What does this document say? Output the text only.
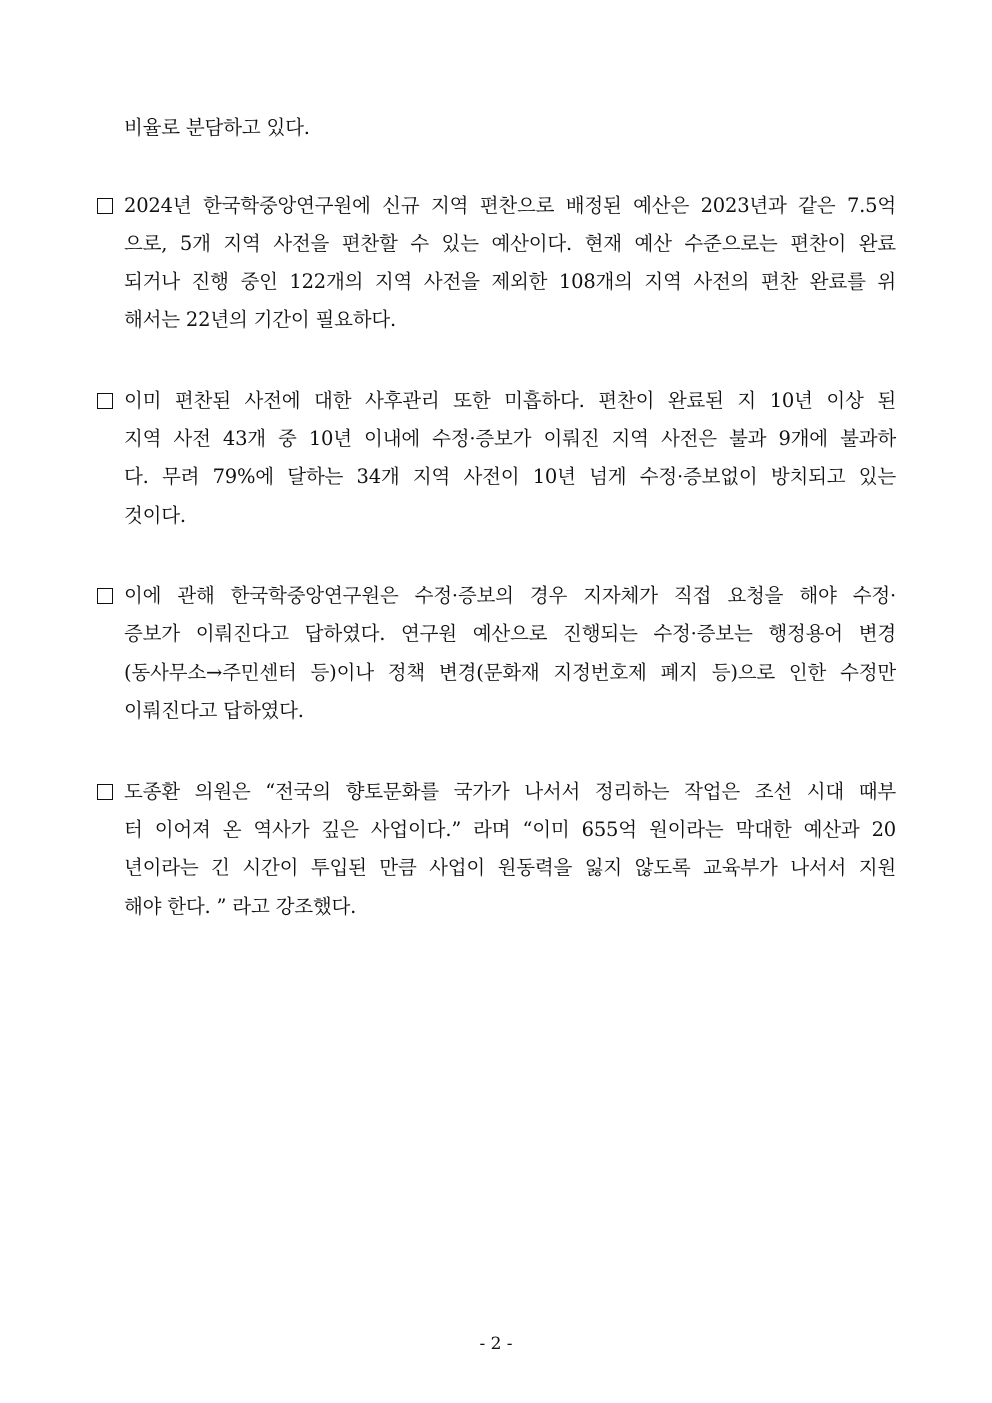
비율로 분담하고 있다.
2024년 한국학중앙연구원에 신규 지역 편찬으로 배정된 예산은 2023년과 같은 7.5억
으로, 5개 지역 사전을 편찬할 수 있는 예산이다. 현재 예산 수준으로는 편찬이 완료
되거나 진행 중인 122개의 지역 사전을 제외한 108개의 지역 사전의 편찬 완료를 위
해서는 22년의 기간이 필요하다.
이미 편찬된 사전에 대한 사후관리 또한 미흡하다. 편찬이 완료된 지 10년 이상 된
지역 사전 43개 중 10년 이내에 수정·증보가 이뤄진 지역 사전은 불과 9개에 불과하
다. 무려 79%에 달하는 34개 지역 사전이 10년 넘게 수정·증보없이 방치되고 있는
것이다.
이에 관해 한국학중앙연구원은 수정·증보의 경우 지자체가 직접 요청을 해야 수정·
증보가 이뤄진다고 답하였다. 연구원 예산으로 진행되는 수정·증보는 행정용어 변경
(동사무소→주민센터 등)이나 정책 변경(문화재 지정번호제 폐지 등)으로 인한 수정만
이뤄진다고 답하였다.
도종환 의원은 “전국의 향토문화를 국가가 나서서 정리하는 작업은 조선 시대 때부
터 이어져 온 역사가 깊은 사업이다.” 라며 “이미 655억 원이라는 막대한 예산과 20
년이라는 긴 시간이 투입된 만큼 사업이 원동력을 잃지 않도록 교육부가 나서서 지원
해야 한다. ” 라고 강조했다.
- 2 -
